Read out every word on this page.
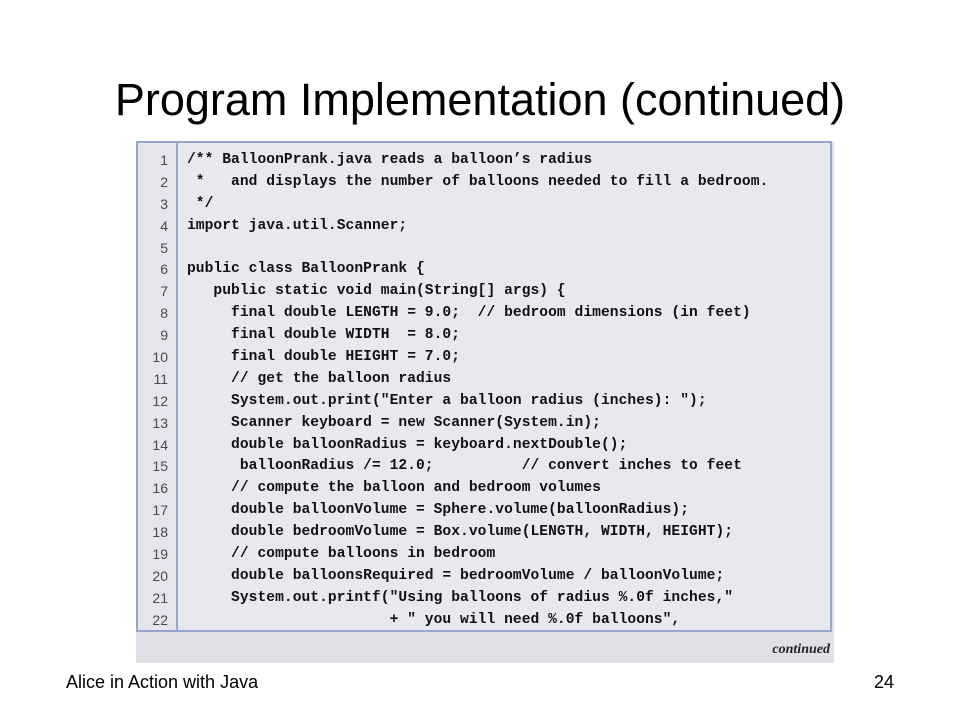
Program Implementation (continued)
1 /** BalloonPrank.java reads a balloon’s radius
2 *   and displays the number of balloons needed to fill a bedroom.
3 */
4 import java.util.Scanner;
5
6 public class BalloonPrank {
7 public static void main(String[] args) {
8 final double LENGTH = 9.0;  // bedroom dimensions (in feet)
9 final double WIDTH  = 8.0;
10 final double HEIGHT = 7.0;
11 // get the balloon radius
12 System.out.print("Enter a balloon radius (inches): ");
13 Scanner keyboard = new Scanner(System.in);
14 double balloonRadius = keyboard.nextDouble();
15 balloonRadius /= 12.0;          // convert inches to feet
16 // compute the balloon and bedroom volumes
17 double balloonVolume = Sphere.volume(balloonRadius);
18 double bedroomVolume = Box.volume(LENGTH, WIDTH, HEIGHT);
19 // compute balloons in bedroom
20 double balloonsRequired = bedroomVolume / balloonVolume;
21 System.out.printf("Using balloons of radius %.0f inches,"
22 + " you will need %.0f balloons",
continued
Alice in Action with Java	24
